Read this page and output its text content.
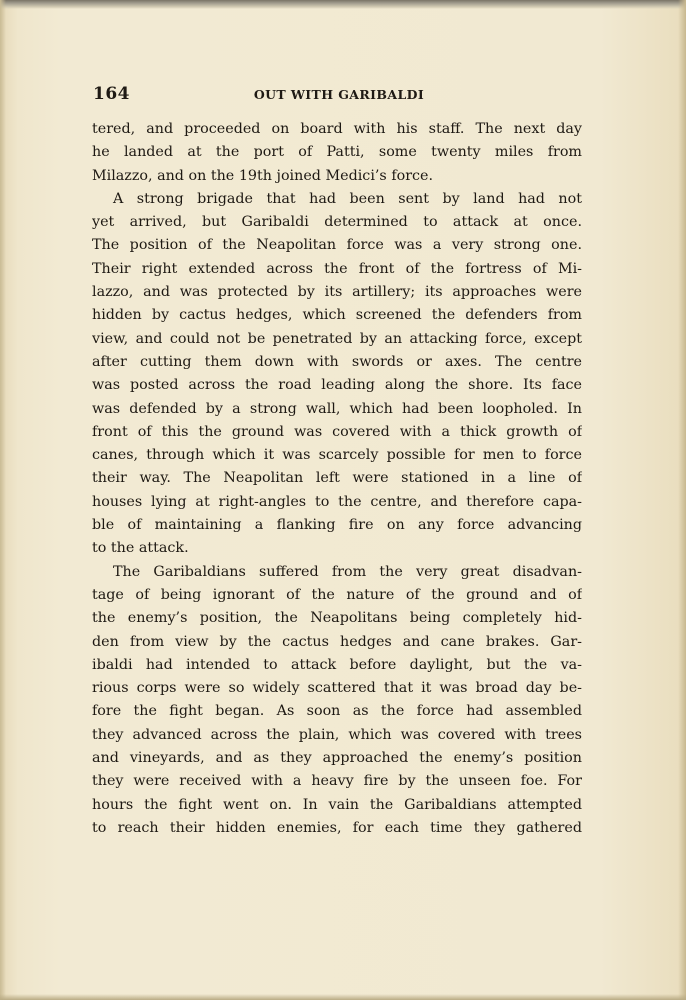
164	OUT WITH GARIBALDI
tered, and proceeded on board with his staff. The next day
he landed at the port of Patti, some twenty miles from
Milazzo, and on the 19th joined Medici’s force.
A strong brigade that had been sent by land had not
yet arrived, but Garibaldi determined to attack at once.
The position of the Neapolitan force was a very strong one.
Their right extended across the front of the fortress of Mi-
lazzo, and was protected by its artillery; its approaches were
hidden by cactus hedges, which screened the defenders from
view, and could not be penetrated by an attacking force, except
after cutting them down with swords or axes. The centre
was posted across the road leading along the shore. Its face
was defended by a strong wall, which had been loopholed. In
front of this the ground was covered with a thick growth of
canes, through which it was scarcely possible for men to force
their way. The Neapolitan left were stationed in a line of
houses lying at right-angles to the centre, and therefore capa-
ble of maintaining a flanking fire on any force advancing
to the attack.
The Garibaldians suffered from the very great disadvan-
tage of being ignorant of the nature of the ground and of
the enemy’s position, the Neapolitans being completely hid-
den from view by the cactus hedges and cane brakes. Gar-
ibaldi had intended to attack before daylight, but the va-
rious corps were so widely scattered that it was broad day be-
fore the fight began. As soon as the force had assembled
they advanced across the plain, which was covered with trees
and vineyards, and as they approached the enemy’s position
they were received with a heavy fire by the unseen foe. For
hours the fight went on. In vain the Garibaldians attempted
to reach their hidden enemies, for each time they gathered
